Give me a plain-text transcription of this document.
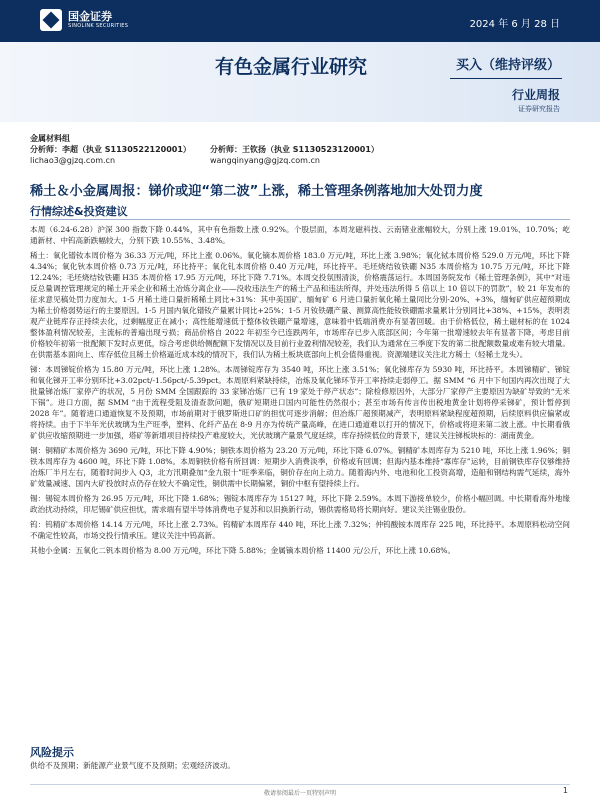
国金证券
SINOLINK SECURITIES	2024 年 6 月 28 日
有色金属行业研究	买入（维持评级）
行业周报
证券研究报告
金属材料组
分析师：李超（执业 S1130522120001）
lichao3@gjzq.com.cn
分析师：王钦扬（执业 S1130523120001）
wangqinyang@gjzq.com.cn
稀土＆小金属周报：锑价或迎“第二波”上涨，稀土管理条例落地加大处罚力度
行情综述&投资建议

本周（6.24-6.28）沪深 300 指数下降 0.44%，其中有色指数上涨 0.92%。个股层面，本周龙磁科技、云南锗业涨幅较大，分别上涨 19.01%、10.70%；屹通新材、中钨高新跌幅较大，分别下跌 10.55%、3.48%。

稀土：氧化镨钕本周价格为 36.33 万元/吨，环比上涨 0.06%。氧化镝本周价格 183.0 万元/吨，环比上涨 3.98%；氧化铽本周价格 529.0 万元/吨，环比下降 4.34%；氧化钬本周价格 0.73 万元/吨，环比持平；氧化钆本周价格 0.40 万元/吨，环比持平。毛坯烧结钕铁硼 N35 本周价格为 10.75 万元/吨，环比下降 12.24%；毛坯烧结钕铁硼 H35 本周价格 17.95 万元/吨，环比下降 7.71%。本周交投氛围清淡，价格震荡运行。本周国务院发布《稀土管理条例》，其中“对违反总量调控管理规定的稀土开采企业和稀土冶炼分离企业——没收违法生产的稀土产品和违法所得，并处违法所得 5 倍以上 10 倍以下的罚款”，较 21 年发布的征求意见稿处罚力度加大。1-5 月稀土进口量折稀稀土同比+31%：其中美国矿、缅甸矿 6 月进口量折氧化稀土量同比分别-20%、+3%，缅甸矿供应超预期成为稀土价格弱势运行的主要原因。1-5 月国内氧化镨钕产量累计同比+25%；1-5 月钕铁硼产量、测算高性能钕铁硼需求量累计分别同比+38%、+15%，表明表观产业链库存正持续去化，过剩幅度正在减小；高性能增速低于整体钕铁硼产量增速，意味着中低端消费亦有显著回暖。由于价格低位，稀土磁材标的在 1024 整体盈利情况较差，主流标的普遍出现亏损；商品价格自 2022 年初至今已连跌两年，市场库存已步入底部区间；今年第一批增速较去年有显著下降，考虑目前价格较年初第一批配额下发时点更低，综合考虑供给侧配额下发情况以及目前行业盈利情况较差，我们认为通常在三季度下发的第二批配额数量或难有较大增量。在供需基本面向上、库存低位且稀土价格逼近成本线的情况下，我们认为稀土板块底部向上机会值得重视。资源端建议关注北方稀土（轻稀土龙头）。

锑：本周锑锭价格为 15.80 万元/吨，环比上涨 1.28%。本周锑锭库存为 3540 吨，环比上涨 3.51%；氧化锑库存为 5930 吨，环比持平。本周锑精矿、锑锭和氧化锑开工率分别环比+3.02pct/-1.56pct/-5.39pct。本周原料紧缺持续，冶炼及氧化锑环节开工率持续走弱停工。据 SMM “6 月中下旬国内再次出现了大批量锑冶炼厂家停产的状况，5 月份 SMM 全国跟踪的 33 家锑冶炼厂已有 19 家处于停产状态”；除检修原因外，大部分厂家停产主要原因为缺矿导致的“无米下锅”。进口方面，据 SMM “由于流程受阻及清查款问题，俄矿短期进口国内可能性仍然很小；甚至市场有传言传出税地黄金计划将停采锑矿，预计暂停到 2028 年”。随着进口通道恢复不及预期，市场前期对于俄罗斯进口矿的担忧可逐步消解；但冶炼厂超预期减产，表明原料紧缺程度超预期，后续原料供应偏紧或将持续。由于下半年光伏玻璃为生产旺季，塑料、化纤产品在 8-9 月亦为传统产量高峰，在进口通道难以打开的情况下，价格或将迎来第二波上涨。中长期看俄矿供应收缩预期进一步加强，塔矿等新增项目持续投产难度较大，光伏玻璃产量景气度延续，库存持续低位的背景下，建议关注锑板块标的：湖南黄金。

铜：铜精矿本周价格为 3690 元/吨，环比下降 4.90%；铜铁本周价格为 23.20 万元/吨，环比下降 6.07%。铜精矿本周库存为 5210 吨，环比上涨 1.96%；铜铁本周库存为 4600 吨，环比下降 1.08%。本周铜铁价格有所回调：短期步入消费淡季，价格或有回调；但海内基本维持“寡库存”运转，目前铜铁库存仅够维持冶炼厂半月左右，随着时间步入 Q3，北方汛期叠加“金九银十”旺季来临，铜价存在向上动力。随着海内外、电池和化工投资高增，造船和钢结构需气延续，海外矿效量减速、国内大矿投放时点仍存在较大不确定性，铜供需中长期偏紧，铜价中枢有望持续上行。

锡：锡锭本周价格为 26.95 万元/吨，环比下降 1.68%；锡锭本周库存为 15127 吨，环比下降 2.59%。本周下游接单较少，价格小幅回调。中长期看海外地缘政治扰动持续，印尼锡矿供应担忧，需求端有望半导体消费电子复苏和以旧换新行动，锡供需格局将长期向好。建议关注锡业股份。

钨：钨精矿本周价格 14.14 万元/吨，环比上涨 2.73%。钨精矿本周库存 440 吨，环比上涨 7.32%；仲钨酸铵本周库存 225 吨，环比持平。本周原料松动空间不确定性较高，市场交投行情承压。建议关注中钨高新。

其他小金属：五氧化二钒本周价格为 8.00 万元/吨，环比下降 5.88%；金属镝本周价格 11400 元/公斤，环比上涨 10.68%。

风险提示
供给不及预期；新能源产业景气度不及预期；宏观经济波动。
敬请参阅最后一页特别声明	1
